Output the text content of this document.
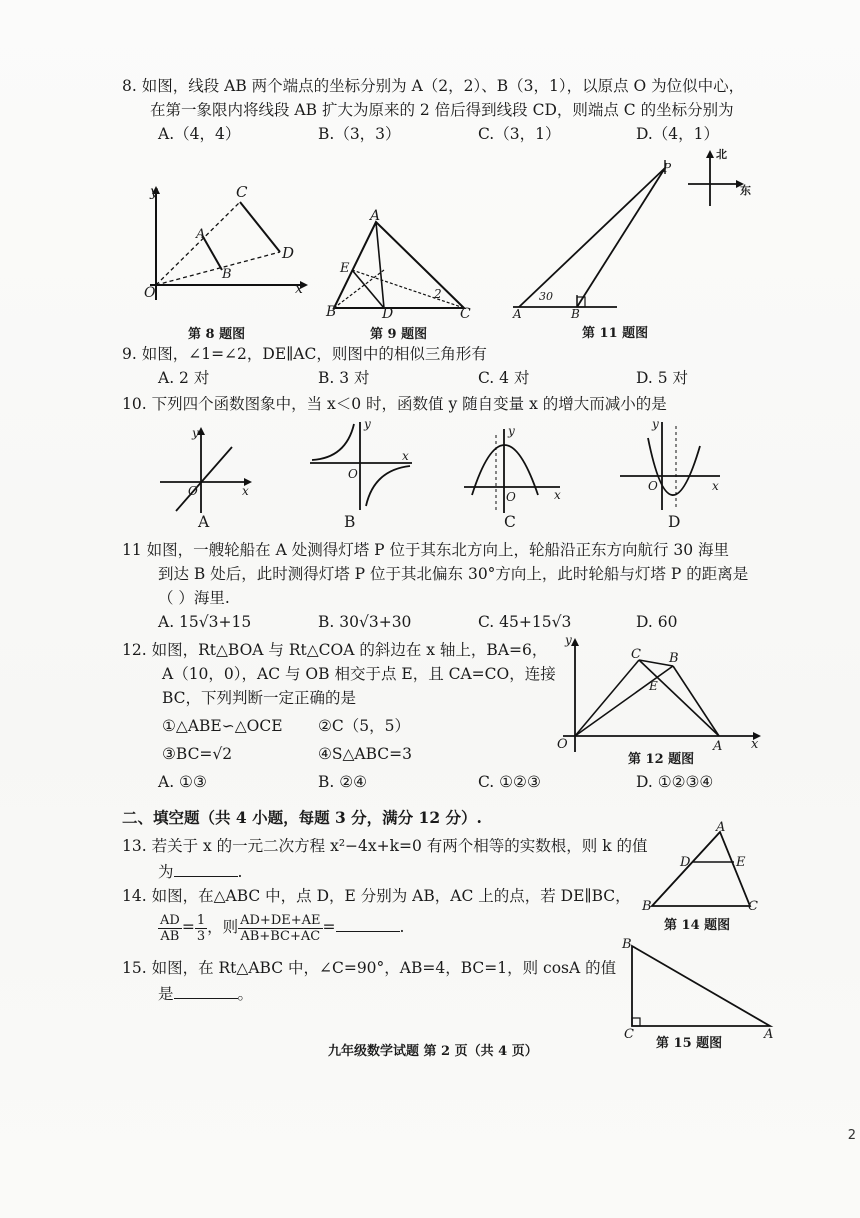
8. 如图，线段 AB 两个端点的坐标分别为 A（2，2）、B（3，1），以原点 O 为位似中心，
在第一象限内将线段 AB 扩大为原来的 2 倍后得到线段 CD，则端点 C 的坐标分别为
A.（4，4）	B.（3，3）	C.（3，1）	D.（4，1）
y	C
A
D
B
O	x
第 8 题图
A
E
B	D	C
2
第 9 题图
A	B
P
30
北
东
第 11 题图
9. 如图，∠1=∠2，DE∥AC，则图中的相似三角形有
A. 2 对	B. 3 对	C. 4 对	D. 5 对
10. 下列四个函数图象中，当 x＜0 时，函数值 y 随自变量 x 的增大而减小的是
y
O	x
A
y
O
x
B
y
O	x
C
y
O	x
D
11 如图，一艘轮船在 A 处测得灯塔 P 位于其东北方向上，轮船沿正东方向航行 30 海里
到达 B 处后，此时测得灯塔 P 位于其北偏东 30°方向上，此时轮船与灯塔 P 的距离是
（ ）海里.
A. 15√3+15	B. 30√3+30	C. 45+15√3	D. 60
12. 如图，Rt△BOA 与 Rt△COA 的斜边在 x 轴上，BA=6，
A（10，0），AC 与 OB 相交于点 E，且 CA=CO，连接
BC，下列判断一定正确的是
①△ABE∽△OCE ②C（5，5）
③BC=√2	④S△ABC=3
A. ①③	B. ②④	C. ①②③	D. ①②③④
C B
E
O	A x
y
第 12 题图
二、填空题（共 4 小题，每题 3 分，满分 12 分）.
13. 若关于 x 的一元二次方程 x²−4x+k=0 有两个相等的实数根，则 k 的值
为	.
14. 如图，在△ABC 中，点 D，E 分别为 AB，AC 上的点，若 DE∥BC，
$\frac{AD}{AB} = \frac{1}{3}$ ，则 $\frac{AD+DE+AE}{AB+BC+AC}$ =	.
A
D	E
B	C
第 14 题图
15. 如图，在 Rt△ABC 中，∠C=90°，AB=4，BC=1，则 cosA 的值
是	。
B
C	A
第 15 题图
九年级数学试题 第 2 页（共 4 页）
2
